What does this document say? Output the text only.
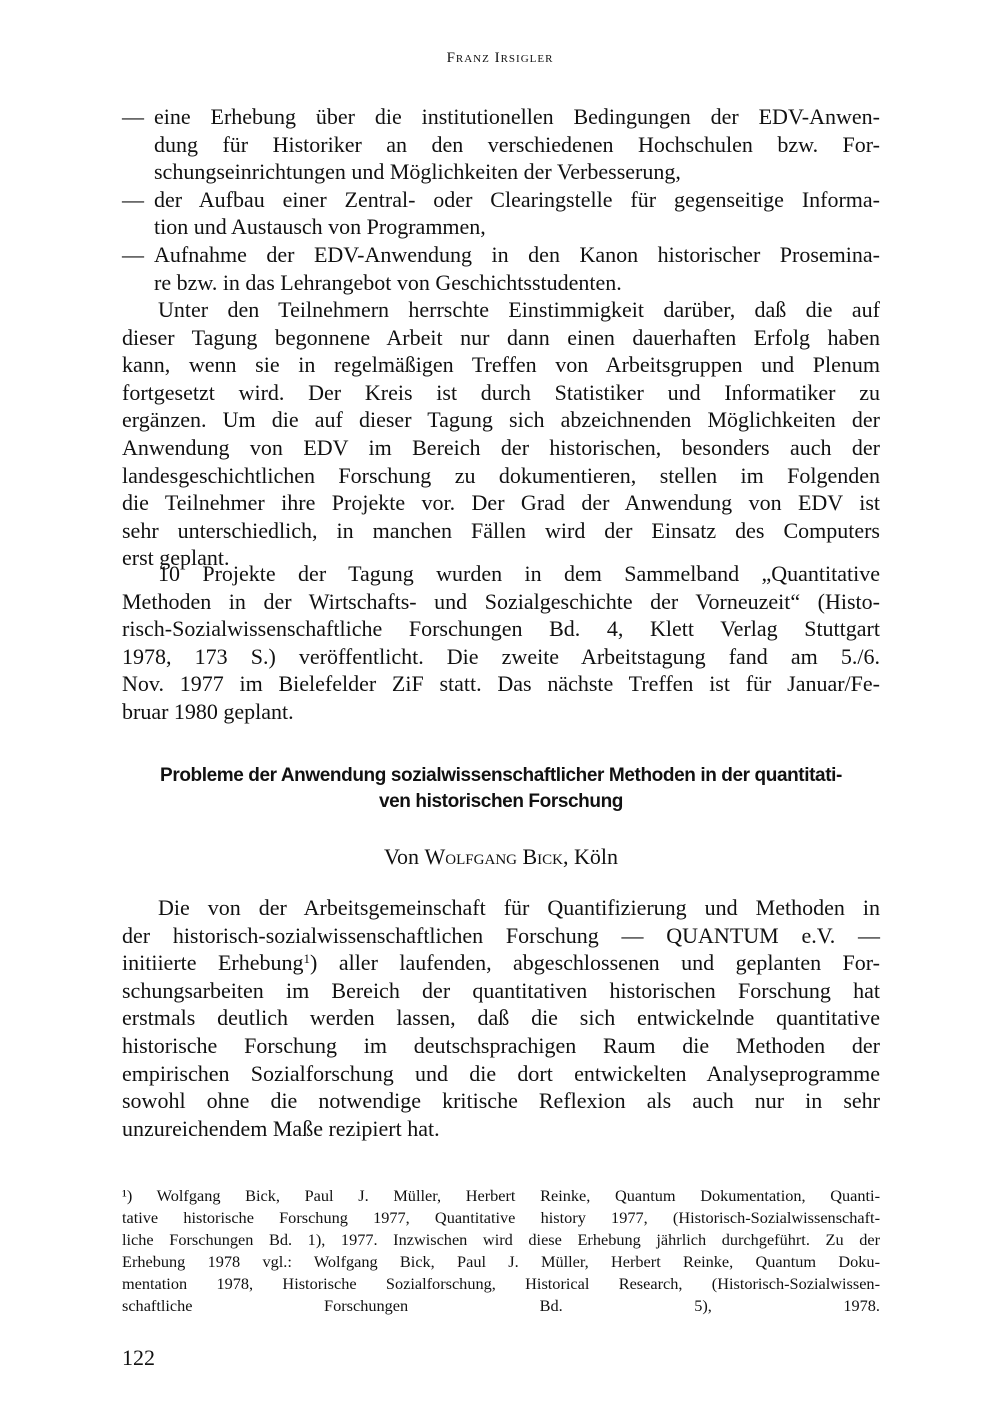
Franz Irsigler
— eine Erhebung über die institutionellen Bedingungen der EDV-Anwen-
dung für Historiker an den verschiedenen Hochschulen bzw. For-
schungseinrichtungen und Möglichkeiten der Verbesserung,
— der Aufbau einer Zentral- oder Clearingstelle für gegenseitige Informa-
tion und Austausch von Programmen,
— Aufnahme der EDV-Anwendung in den Kanon historischer Proseminа-
re bzw. in das Lehrangebot von Geschichtsstudenten.
Unter den Teilnehmern herrschte Einstimmigkeit darüber, daß die auf
dieser Tagung begonnene Arbeit nur dann einen dauerhaften Erfolg haben
kann, wenn sie in regelmäßigen Treffen von Arbeitsgruppen und Plenum
fortgesetzt wird. Der Kreis ist durch Statistiker und Informatiker zu
ergänzen. Um die auf dieser Tagung sich abzeichnenden Möglichkeiten der
Anwendung von EDV im Bereich der historischen, besonders auch der
landesgeschichtlichen Forschung zu dokumentieren, stellen im Folgenden
die Teilnehmer ihre Projekte vor. Der Grad der Anwendung von EDV ist
sehr unterschiedlich, in manchen Fällen wird der Einsatz des Computers
erst geplant.
10 Projekte der Tagung wurden in dem Sammelband „Quantitative
Methoden in der Wirtschafts- und Sozialgeschichte der Vorneuzeit“ (Histo-
risch-Sozialwissenschaftliche Forschungen Bd. 4, Klett Verlag Stuttgart
1978, 173 S.) veröffentlicht. Die zweite Arbeitstagung fand am 5./6.
Nov. 1977 im Bielefelder ZiF statt. Das nächste Treffen ist für Januar/Fe-
bruar 1980 geplant.
Probleme der Anwendung sozialwissenschaftlicher Methoden in der quantitati-
ven historischen Forschung
Von Wolfgang Bick, Köln
Die von der Arbeitsgemeinschaft für Quantifizierung und Methoden in
der historisch-sozialwissenschaftlichen Forschung — QUANTUM e.V. —
initiierte Erhebung$^1$) aller laufenden, abgeschlossenen und geplanten For-
schungsarbeiten im Bereich der quantitativen historischen Forschung hat
erstmals deutlich werden lassen, daß die sich entwickelnde quantitative
historische Forschung im deutschsprachigen Raum die Methoden der
empirischen Sozialforschung und die dort entwickelten Analyseprogramme
sowohl ohne die notwendige kritische Reflexion als auch nur in sehr
unzureichendem Maße rezipiert hat.
¹) Wolfgang Bick, Paul J. Müller, Herbert Reinke, Quantum Dokumentation, Quanti-
tative historische Forschung 1977, Quantitative history 1977, (Historisch-Sozialwissenschaft-
liche Forschungen Bd. 1), 1977. Inzwischen wird diese Erhebung jährlich durchgeführt. Zu der
Erhebung 1978 vgl.: Wolfgang Bick, Paul J. Müller, Herbert Reinke, Quantum Doku-
mentation 1978, Historische Sozialforschung, Historical Research, (Historisch-Sozialwissen-
schaftliche Forschungen Bd. 5), 1978.
122
